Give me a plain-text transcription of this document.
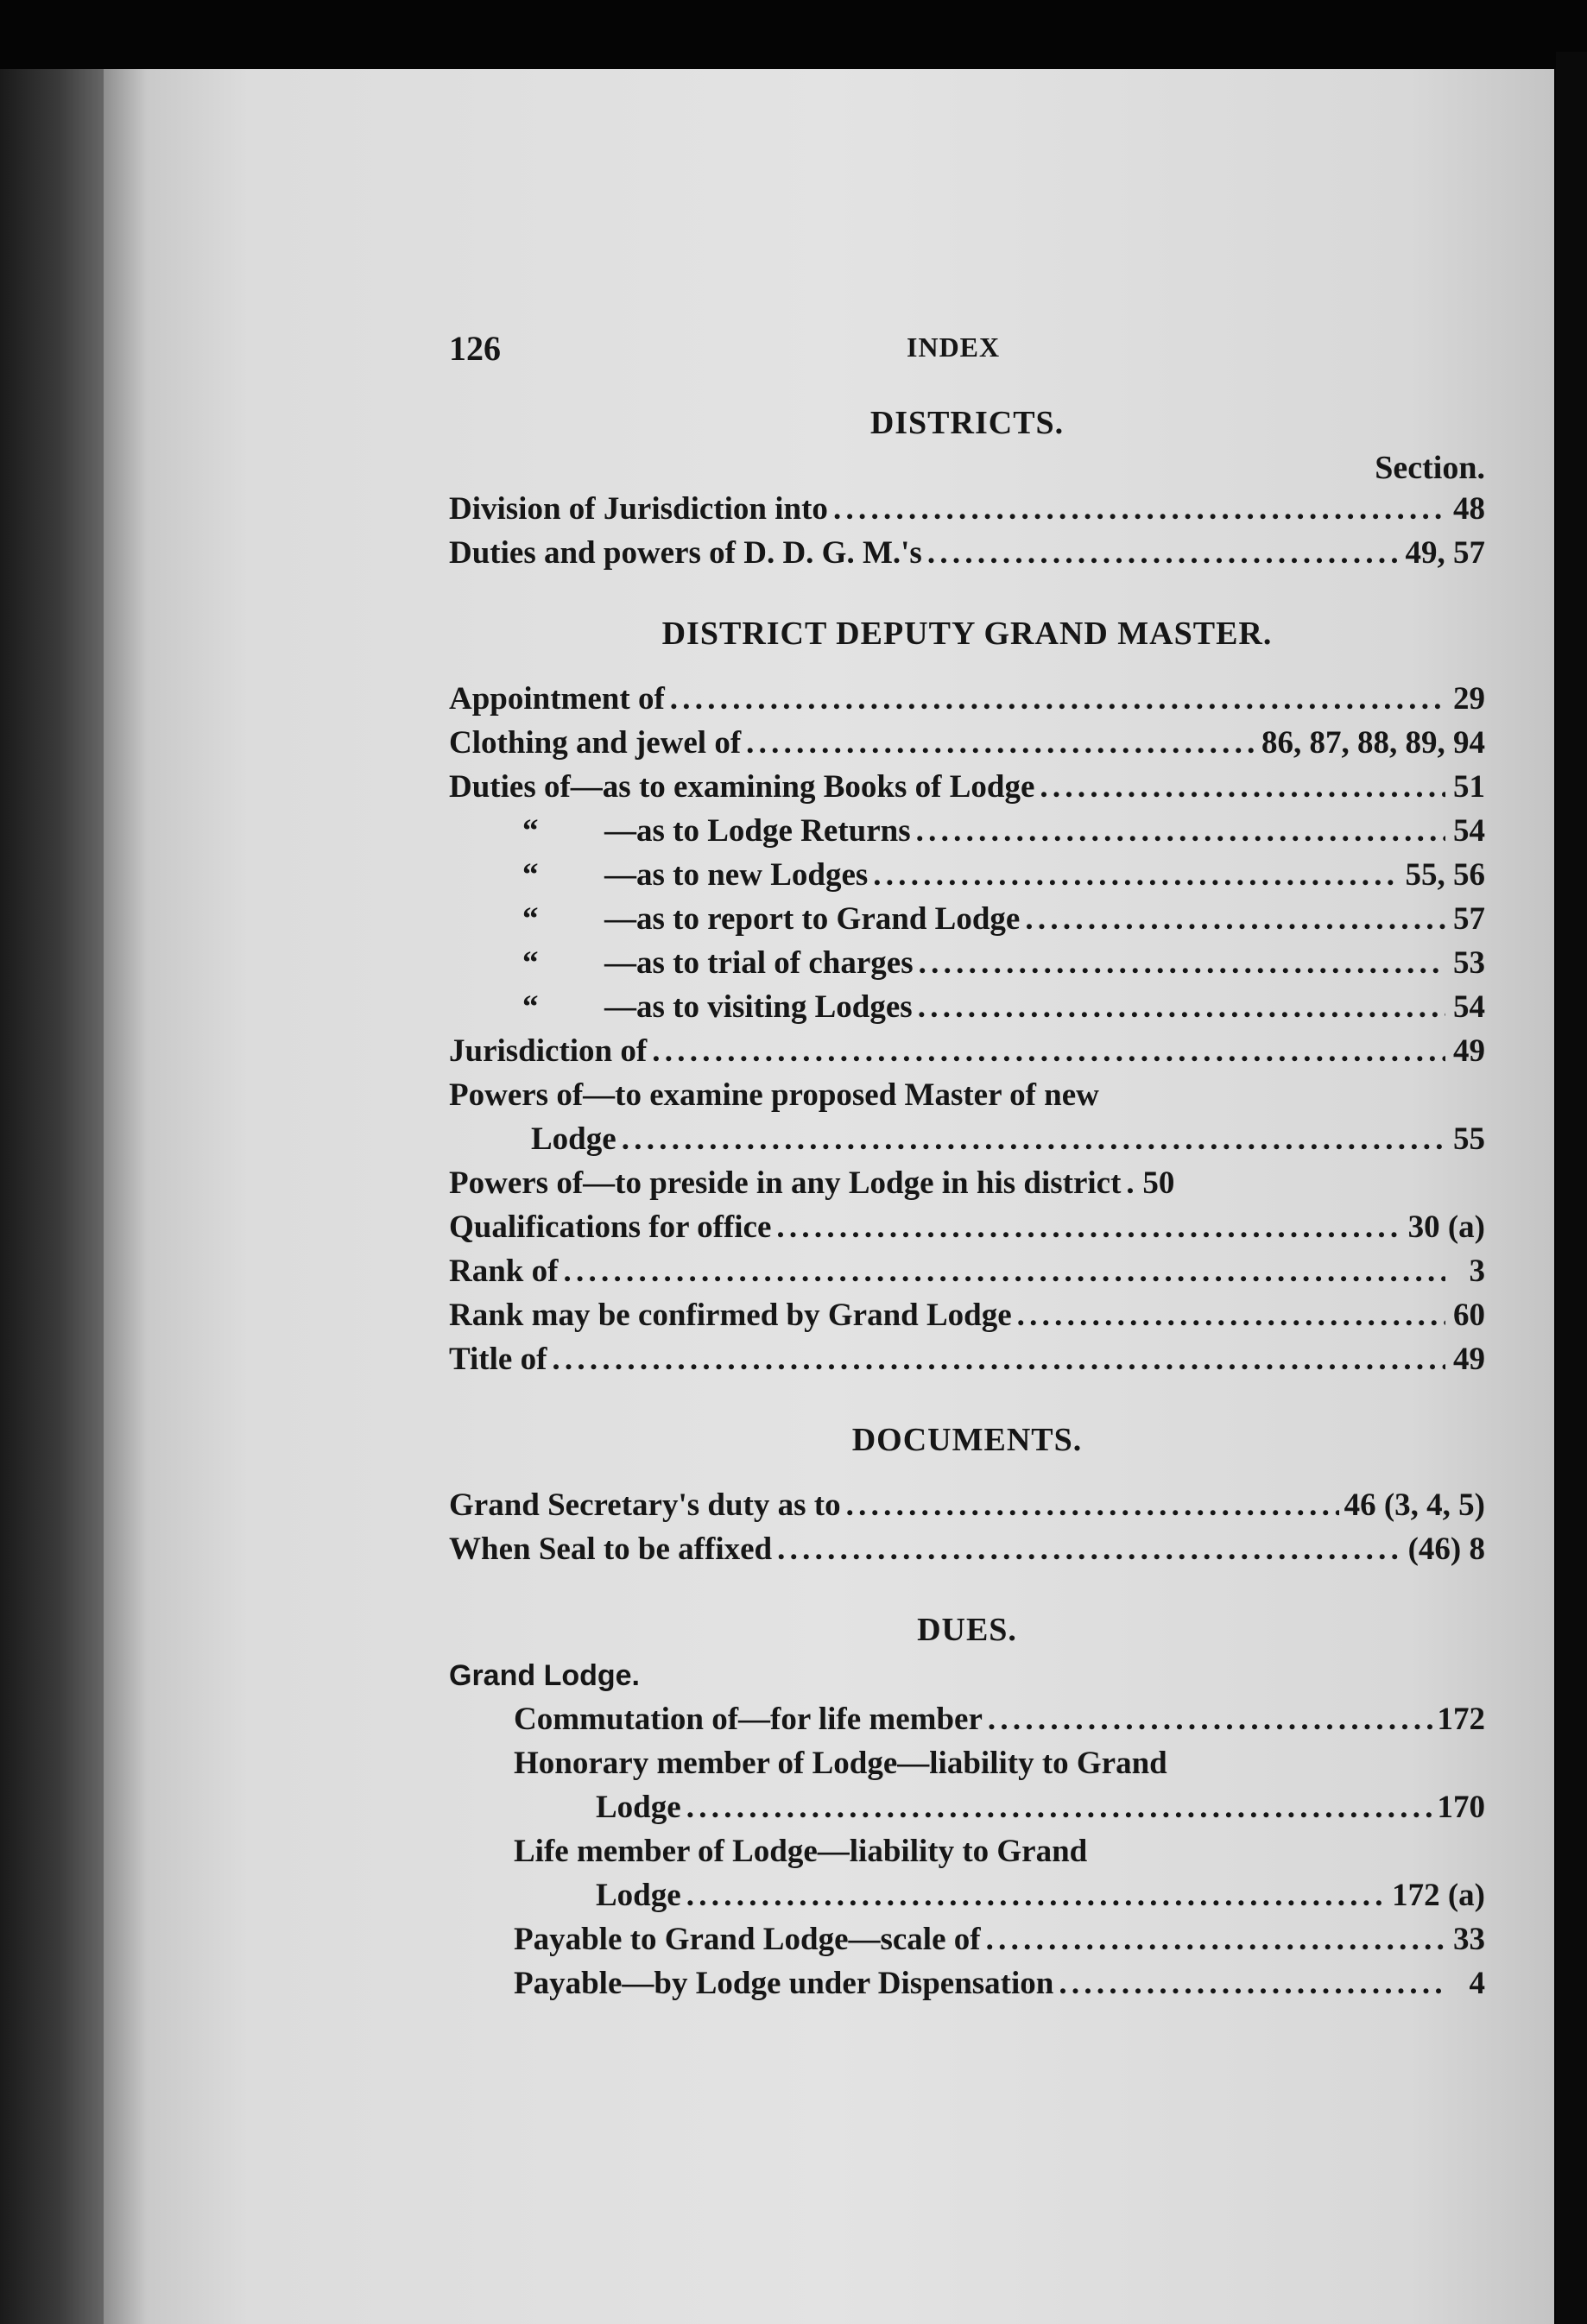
126	INDEX
DISTRICTS.
Section.
Division of Jurisdiction into . . .	48
Duties and powers of D. D. G. M.'s . . .	49, 57
DISTRICT DEPUTY GRAND MASTER.
Appointment of . . .	29
Clothing and jewel of . . .	86, 87, 88, 89, 94
Duties of—as to examining Books of Lodge . . .	51
“ —as to Lodge Returns . . .	54
“ —as to new Lodges . . .	55, 56
“ —as to report to Grand Lodge . . .	57
“ —as to trial of charges . . .	53
“ —as to visiting Lodges . . .	54
Jurisdiction of . . .	49
Powers of—to examine proposed Master of new
Lodge . . .	55
Powers of—to preside in any Lodge in his district . . . 50
Qualifications for office . . .	30 (a)
Rank of . . .	3
Rank may be confirmed by Grand Lodge . . .	60
Title of . . .	49
DOCUMENTS.
Grand Secretary's duty as to . . .	46 (3, 4, 5)
When Seal to be affixed . . .	(46) 8
DUES.
Grand Lodge.
Commutation of—for life member . . .	172
Honorary member of Lodge—liability to Grand
Lodge . . .	170
Life member of Lodge—liability to Grand
Lodge . . .	172 (a)
Payable to Grand Lodge—scale of . . .	33
Payable—by Lodge under Dispensation . . .	4
